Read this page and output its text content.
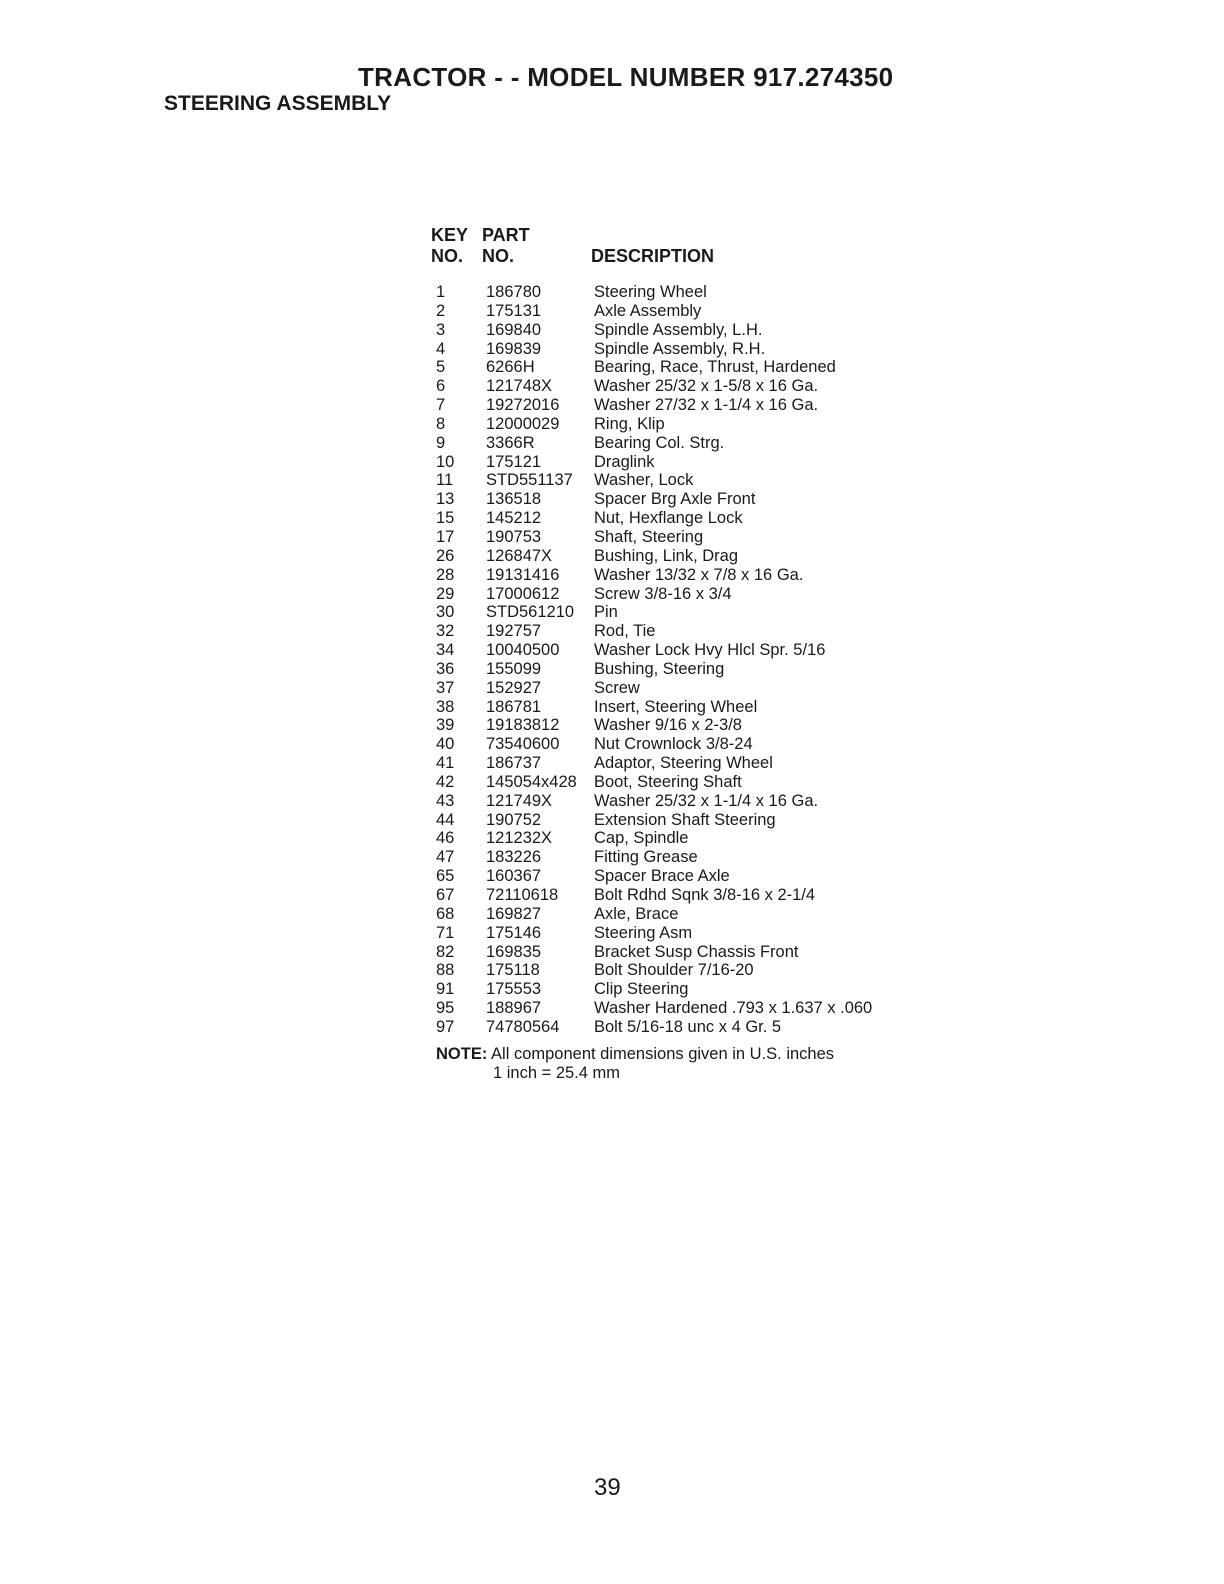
TRACTOR - - MODEL NUMBER 917.274350
STEERING ASSEMBLY
KEY
NO.
PART
NO.	DESCRIPTION
1 186780	Steering Wheel
2 175131	Axle Assembly
3 169840	Spindle Assembly, L.H.
4 169839	Spindle Assembly, R.H.
5 6266H	Bearing, Race, Thrust, Hardened
6 121748X	Washer 25/32 x 1-5/8 x 16 Ga.
7 19272016 Washer 27/32 x 1-1/4 x 16 Ga.
8 12000029 Ring, Klip
9 3366R	Bearing Col. Strg.
10 175121	Draglink
11 STD551137 Washer, Lock
13 136518	Spacer Brg Axle Front
15 145212	Nut, Hexflange Lock
17 190753	Shaft, Steering
26 126847X	Bushing, Link, Drag
28 19131416 Washer 13/32 x 7/8 x 16 Ga.
29 17000612 Screw 3/8-16 x 3/4
30 STD561210 Pin
32 192757	Rod, Tie
34 10040500 Washer Lock Hvy Hlcl Spr. 5/16
36 155099	Bushing, Steering
37 152927	Screw
38 186781	Insert, Steering Wheel
39 19183812 Washer 9/16 x 2-3/8
40 73540600 Nut Crownlock 3/8-24
41 186737	Adaptor, Steering Wheel
42 145054x428 Boot, Steering Shaft
43 121749X	Washer 25/32 x 1-1/4 x 16 Ga.
44 190752	Extension Shaft Steering
46 121232X	Cap, Spindle
47 183226	Fitting Grease
65 160367	Spacer Brace Axle
67 72110618 Bolt Rdhd Sqnk 3/8-16 x 2-1/4
68 169827	Axle, Brace
71 175146	Steering Asm
82 169835	Bracket Susp Chassis Front
88 175118	Bolt Shoulder 7/16-20
91 175553	Clip Steering
95 188967	Washer Hardened .793 x 1.637 x .060
97 74780564 Bolt 5/16-18 unc x 4 Gr. 5
NOTE: All component dimensions given in U.S. inches
1 inch = 25.4 mm
39
